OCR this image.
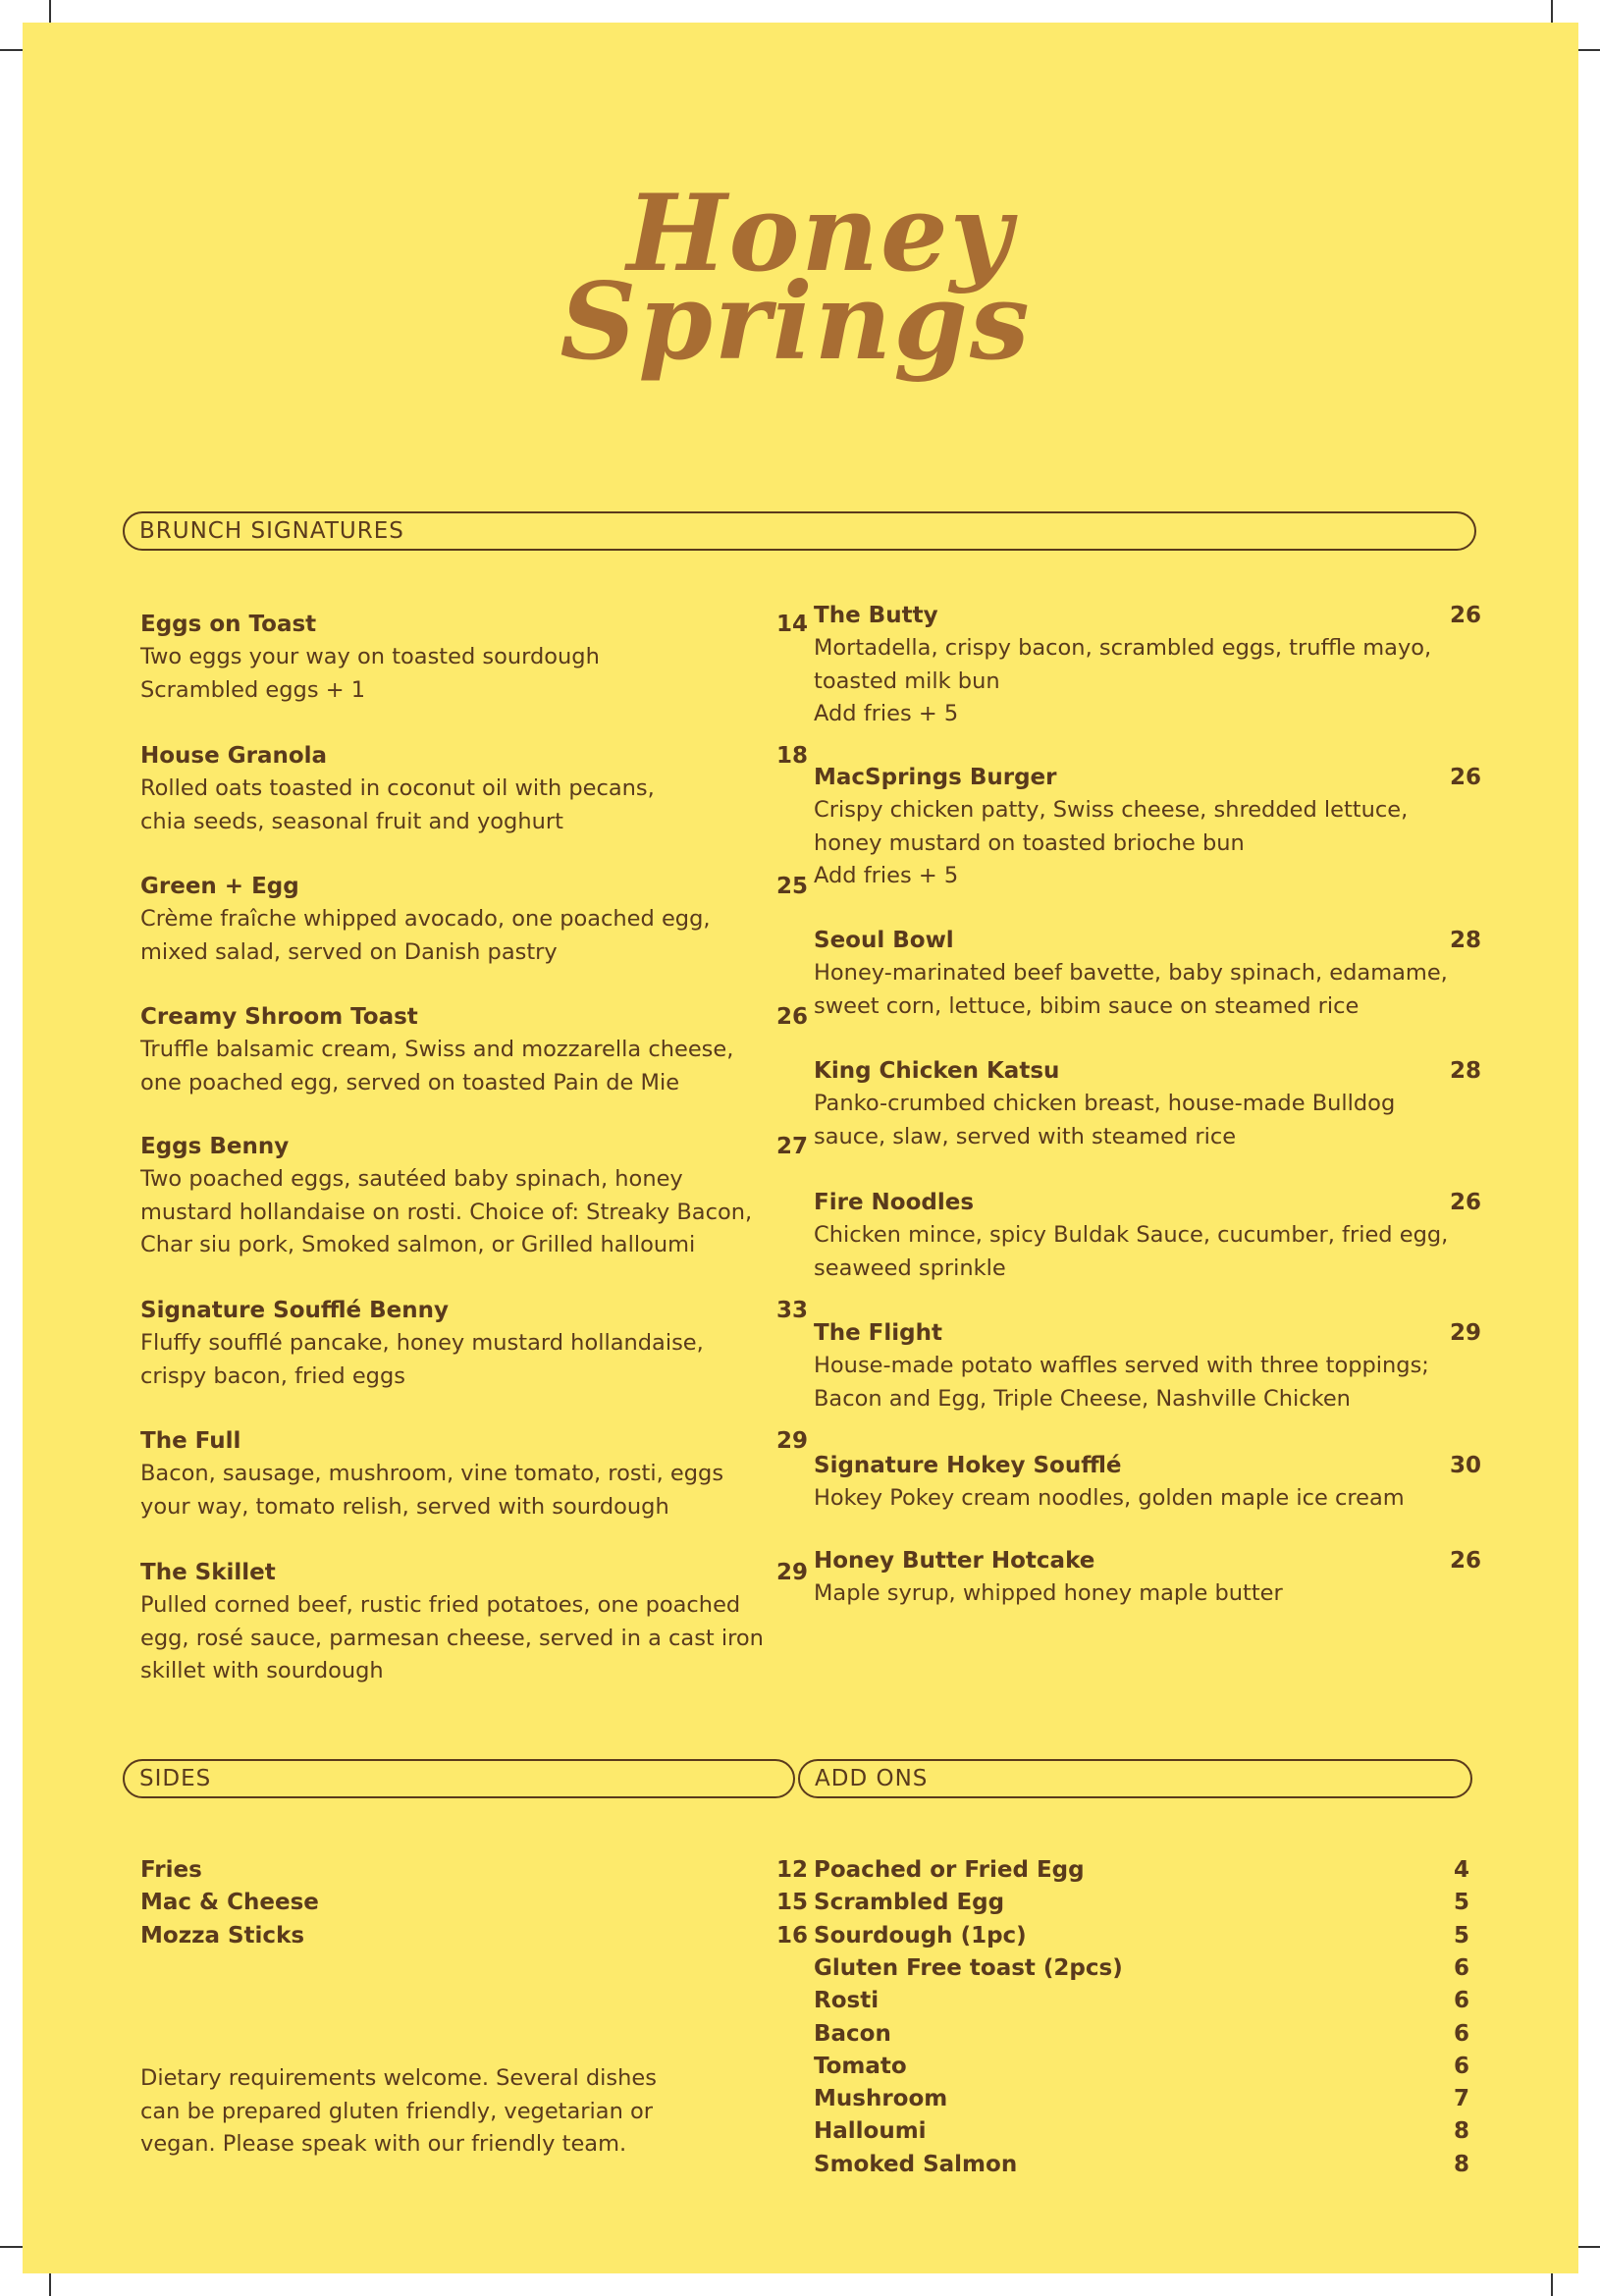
Honey
Springs
BRUNCH SIGNATURES
Eggs on Toast	14
Two eggs your way on toasted sourdough
Scrambled eggs + 1
House Granola	18
Rolled oats toasted in coconut oil with pecans,
chia seeds, seasonal fruit and yoghurt
Green + Egg	25
Crème fraîche whipped avocado, one poached egg,
mixed salad, served on Danish pastry
Creamy Shroom Toast	26
Truffle balsamic cream, Swiss and mozzarella cheese,
one poached egg, served on toasted Pain de Mie
Eggs Benny	27
Two poached eggs, sautéed baby spinach, honey
mustard hollandaise on rosti. Choice of: Streaky Bacon,
Char siu pork, Smoked salmon, or Grilled halloumi
Signature Soufflé Benny	33
Fluffy soufflé pancake, honey mustard hollandaise,
crispy bacon, fried eggs
The Full	29
Bacon, sausage, mushroom, vine tomato, rosti, eggs
your way, tomato relish, served with sourdough
The Skillet	29
Pulled corned beef, rustic fried potatoes, one poached
egg, rosé sauce, parmesan cheese, served in a cast iron
skillet with sourdough
The Butty	26
Mortadella, crispy bacon, scrambled eggs, truffle mayo,
toasted milk bun
Add fries + 5
MacSprings Burger	26
Crispy chicken patty, Swiss cheese, shredded lettuce,
honey mustard on toasted brioche bun
Add fries + 5
Seoul Bowl	28
Honey-marinated beef bavette, baby spinach, edamame,
sweet corn, lettuce, bibim sauce on steamed rice
King Chicken Katsu	28
Panko-crumbed chicken breast, house-made Bulldog
sauce, slaw, served with steamed rice
Fire Noodles	26
Chicken mince, spicy Buldak Sauce, cucumber, fried egg,
seaweed sprinkle
The Flight	29
House-made potato waffles served with three toppings;
Bacon and Egg, Triple Cheese, Nashville Chicken
Signature Hokey Soufflé	30
Hokey Pokey cream noodles, golden maple ice cream
Honey Butter Hotcake	26
Maple syrup, whipped honey maple butter
SIDES	ADD ONS
Fries	12
Mac & Cheese	15
Mozza Sticks	16
Poached or Fried Egg	4
Scrambled Egg	5
Sourdough (1pc)	5
Gluten Free toast (2pcs)	6
Rosti	6
Bacon	6
Tomato	6
Mushroom	7
Halloumi	8
Smoked Salmon	8
Dietary requirements welcome. Several dishes can be prepared gluten friendly, vegetarian or vegan. Please speak with our friendly team.
